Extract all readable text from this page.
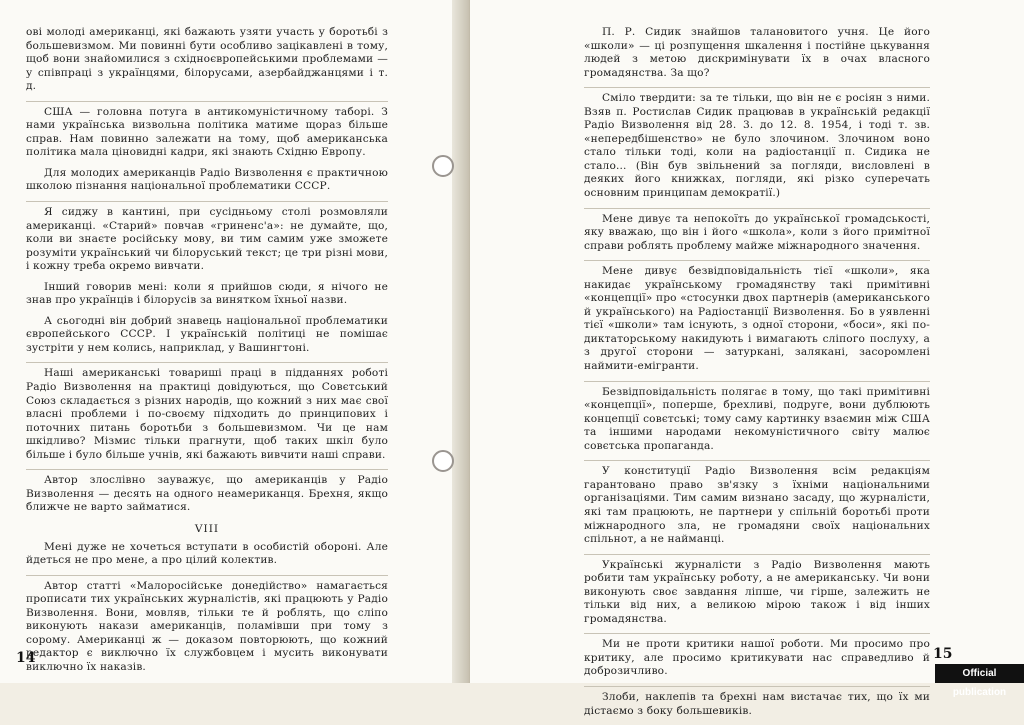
ові молоді американці, які бажають узяти участь у боротьбі з большевизмом. Ми повинні бути особливо зацікавлені в тому, щоб вони знайомилися з східноєвропейськими проблемами — у співпраці з українцями, білорусами, азербайджанцями і т. д.

США — головна потуга в антикомуністичному таборі. З нами українська визвольна політика матиме щораз більше справ. Нам повинно залежати на тому, щоб американська політика мала ціновидні кадри, які знають Східню Европу.

Для молодих американців Радіо Визволення є практичною школою пізнання національної проблематики СССР.

Я сиджу в кантині, при сусідньому столі розмовляли американці. «Старий» повчав «гриненс'а»: не думайте, що, коли ви знаєте російську мову, ви тим самим уже зможете розуміти український чи білоруський текст; це три різні мови, і кожну треба окремо вивчати.

Інший говорив мені: коли я прийшов сюди, я нічого не знав про українців і білорусів за винятком їхньої назви.

А сьогодні він добрий знавець національної проблематики європейського СССР. І українській політиці не помішає зустріти у нем колись, наприклад, у Вашингтоні.

Наші американські товариші праці в підданнях роботі Радіо Визволення на практиці довідуються, що Совєтський Союз складається з різних народів, що кожний з них має свої власні проблеми і по-своєму підходить до принципових і поточних питань боротьби з большевизмом. Чи це нам шкідливо? Мізмис тільки прагнути, щоб таких шкіл було більше і було більше учнів, які бажають вивчити наші справи.

Автор злослівно зауважує, що американців у Радіо Визволення — десять на одного неамериканця. Брехня, якщо ближче не варто займатися.

VIII

Мені дуже не хочеться вступати в особистій обороні. Але йдеться не про мене, а про цілий колектив.

Автор статті «Малоросійське донедійство» намагається прописати тих українських журналістів, які працюють у Радіо Визволення. Вони, мовляв, тільки те й роблять, що сліпо виконують накази американців, поламівши при тому з сорому. Американці ж — доказом повторюють, що кожний редактор є виключно їх службовцем і мусить виконувати виключно їх наказів.

14

П. Р. Сидик знайшов талановитого учня. Це його «школи» — ці розпущення шкалення і постійне цькування людей з метою дискримінувати їх в очах власного громадянства. За що?

Сміло твердити: за те тільки, що він не є росіян з ними. Взяв п. Ростислав Сидик працював в українській редакції Радіо Визволення від 28. 3. до 12. 8. 1954, і тоді т. зв. «непередбішенство» не було злочином. Злочином воно стало тільки тоді, коли на радіостанції п. Сидика не стало... (Він був звільнений за погляди, висловлені в деяких його книжках, погляди, які різко суперечать основним принципам демократії.)

Мене дивує та непокоїть до української громадськості, яку вважаю, що він і його «школа», коли з його примітної справи роблять проблему майже міжнародного значення.

Мене дивує безвідповідальність тієї «школи», яка накидає українському громадянству такі примітивні «концепції» про «стосунки двох партнерів (американського й українського) на Радіостанції Визволення. Бо в уявленні тієї «школи» там існують, з одної сторони, «боси», які по-диктаторському накидують і вимагають сліпого послуху, а з другої сторони — затуркані, залякані, засоромлені наймити-емігранти.

Безвідповідальність полягає в тому, що такі примітивні «концепції», поперше, брехливі, подруге, вони дублюють концепції совєтські; тому саму картинку взаємин між США та іншими народами некомуністичного світу малює совєтська пропаганда.

У конституції Радіо Визволення всім редакціям гарантовано право зв'язку з їхніми національними організаціями. Тим самим визнано засаду, що журналісти, які там працюють, не партнери у спільній боротьбі проти міжнародного зла, не громадяни своїх національних спільнот, а не найманці.

Українські журналісти з Радіо Визволення мають робити там українську роботу, а не американську. Чи вони виконують своє завдання ліпше, чи гірше, залежить не тільки від них, а великою мірою також і від інших громадянства.

Ми не проти критики нашої роботи. Ми просимо про критику, але просимо критикувати нас справедливо й доброзичливо.

Злоби, наклепів та брехні нам вистачає тих, що їх ми дістаємо з боку большевиків.

15
Official publication
